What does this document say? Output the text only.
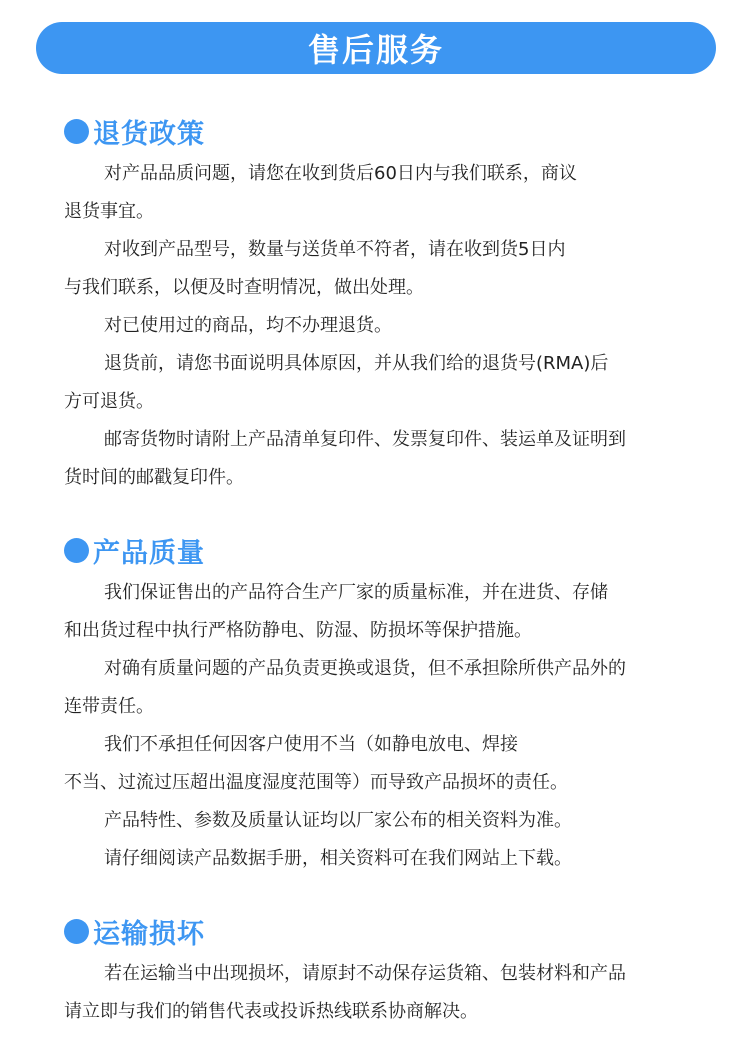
售后服务
退货政策
对产品品质问题，请您在收到货后60日内与我们联系，商议
退货事宜。
对收到产品型号，数量与送货单不符者，请在收到货5日内
与我们联系，以便及时查明情况，做出处理。
对已使用过的商品，均不办理退货。
退货前，请您书面说明具体原因，并从我们给的退货号(RMA)后
方可退货。
邮寄货物时请附上产品清单复印件、发票复印件、装运单及证明到
货时间的邮戳复印件。
产品质量
我们保证售出的产品符合生产厂家的质量标准，并在进货、存储
和出货过程中执行严格防静电、防湿、防损坏等保护措施。
对确有质量问题的产品负责更换或退货，但不承担除所供产品外的
连带责任。
我们不承担任何因客户使用不当（如静电放电、焊接
不当、过流过压超出温度湿度范围等）而导致产品损坏的责任。
产品特性、参数及质量认证均以厂家公布的相关资料为准。
请仔细阅读产品数据手册，相关资料可在我们网站上下载。
运输损坏
若在运输当中出现损坏，请原封不动保存运货箱、包装材料和产品
请立即与我们的销售代表或投诉热线联系协商解决。
